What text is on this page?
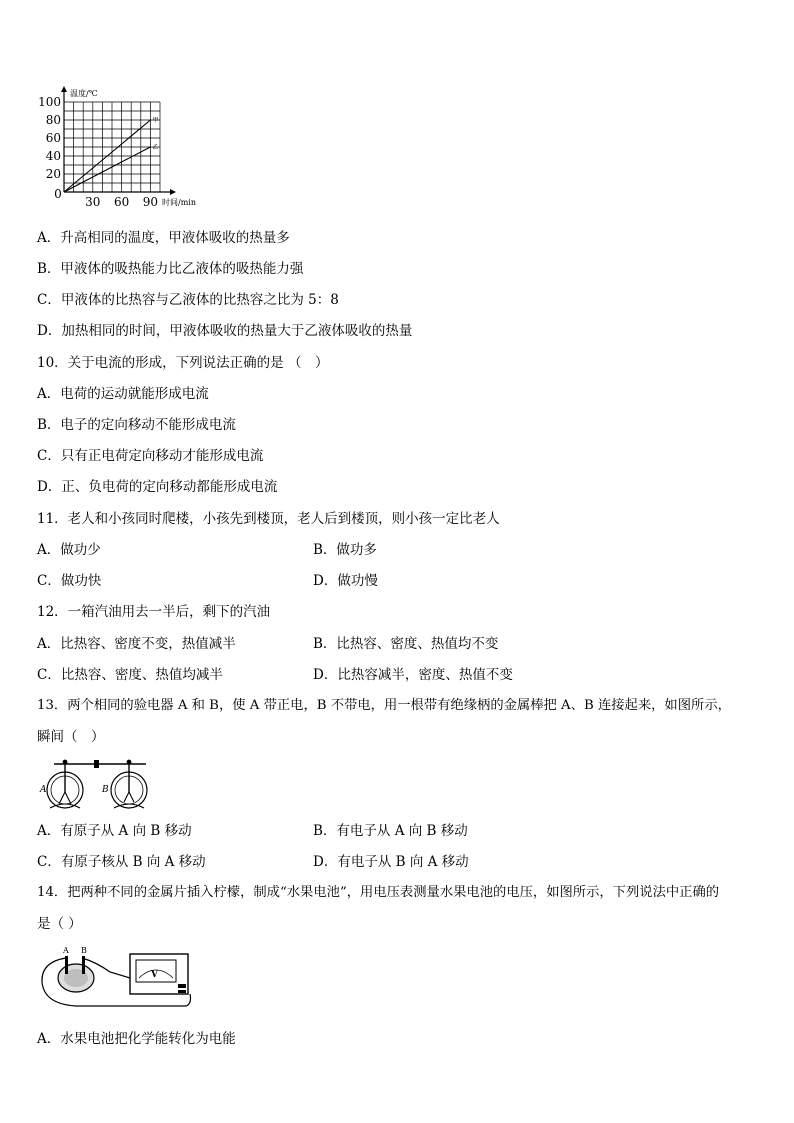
20
40
60
80
100
30 60 90
0
时间/min
温度/℃
甲
乙
A．升高相同的温度，甲液体吸收的热量多
B．甲液体的吸热能力比乙液体的吸热能力强
C．甲液体的比热容与乙液体的比热容之比为 5：8
D．加热相同的时间，甲液体吸收的热量大于乙液体吸收的热量
10．关于电流的形成，下列说法正确的是 （　）
A．电荷的运动就能形成电流
B．电子的定向移动不能形成电流
C．只有正电荷定向移动才能形成电流
D．正、负电荷的定向移动都能形成电流
11．老人和小孩同时爬楼，小孩先到楼顶，老人后到楼顶，则小孩一定比老人
A．做功少	B．做功多
C．做功快	D．做功慢
12．一箱汽油用去一半后，剩下的汽油
A．比热容、密度不变，热值减半	B．比热容、密度、热值均不变
C．比热容、密度、热值均减半	D．比热容减半，密度、热值不变
13．两个相同的验电器 A 和 B，使 A 带正电，B 不带电，用一根带有绝缘柄的金属棒把 A、B 连接起来，如图所示，
瞬间（　）
A	B
A．有原子从 A 向 B 移动	B．有电子从 A 向 B 移动
C．有原子核从 B 向 A 移动	D．有电子从 B 向 A 移动
14．把两种不同的金属片插入柠檬，制成“水果电池”，用电压表测量水果电池的电压，如图所示，下列说法中正确的
是（ ）
A B
V
A．水果电池把化学能转化为电能
